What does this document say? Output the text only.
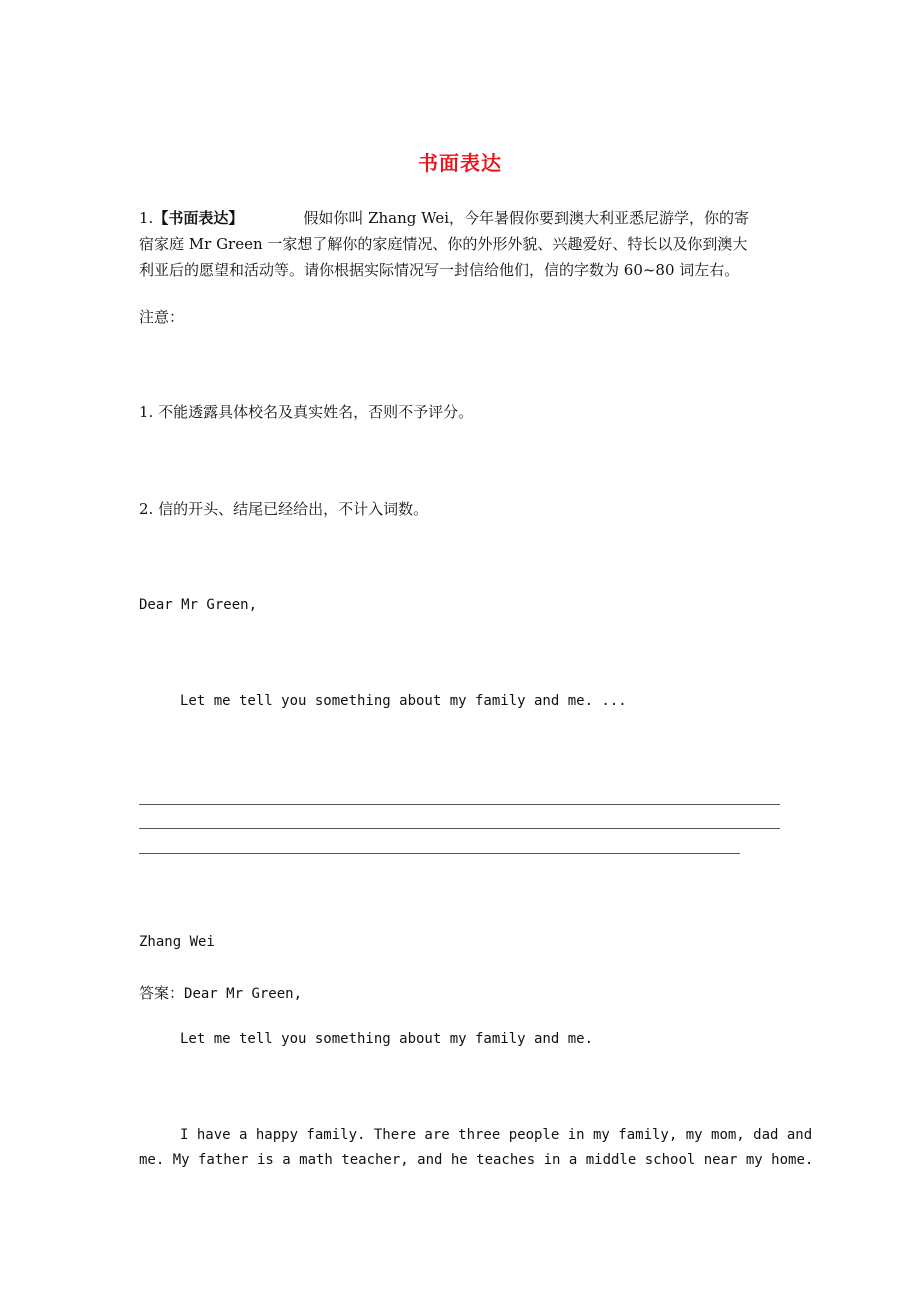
书面表达
1.【书面表达】	假如你叫 Zhang Wei，今年暑假你要到澳大利亚悉尼游学，你的寄
宿家庭 Mr Green 一家想了解你的家庭情况、你的外形外貌、兴趣爱好、特长以及你到澳大
利亚后的愿望和活动等。请你根据实际情况写一封信给他们，信的字数为 60~80 词左右。
注意：
1. 不能透露具体校名及真实姓名，否则不予评分。
2. 信的开头、结尾已经给出，不计入词数。
Dear Mr Green,
Let me tell you something about my family and me. ...
Zhang Wei
答案：Dear Mr Green,
Let me tell you something about my family and me.
I have a happy family. There are three people in my family, my mom, dad and
me. My father is a math teacher, and he teaches in a middle school near my home.
